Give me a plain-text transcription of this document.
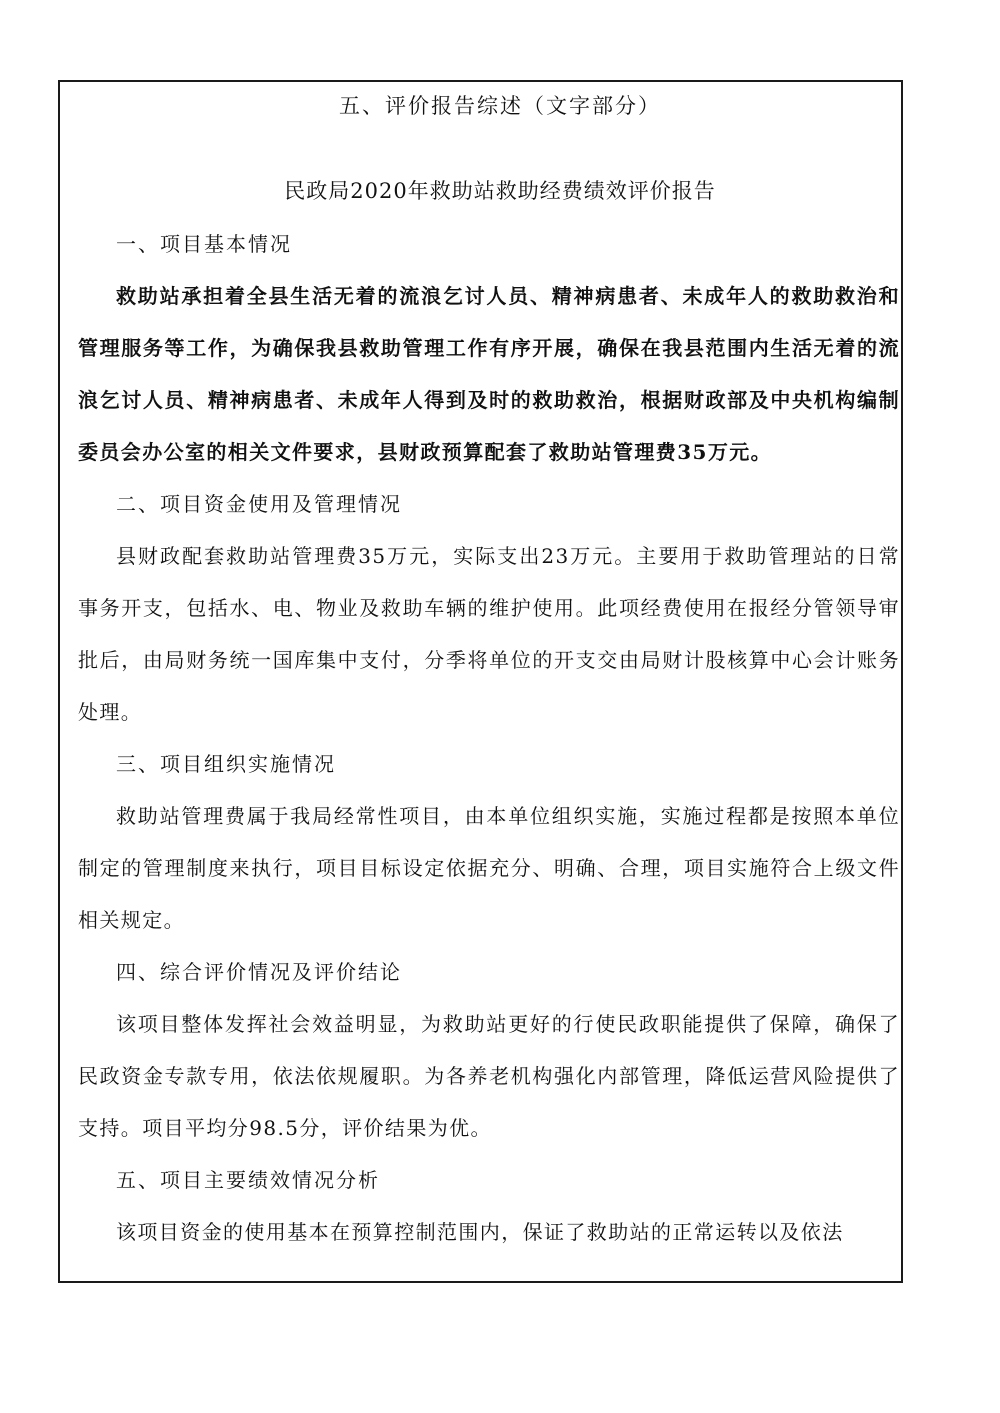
五、评价报告综述（文字部分）
民政局2020年救助站救助经费绩效评价报告
一、项目基本情况
救助站承担着全县生活无着的流浪乞讨人员、精神病患者、未成年人的救助救治和管理服务等工作，为确保我县救助管理工作有序开展，确保在我县范围内生活无着的流浪乞讨人员、精神病患者、未成年人得到及时的救助救治，根据财政部及中央机构编制委员会办公室的相关文件要求，县财政预算配套了救助站管理费35万元。
二、项目资金使用及管理情况
县财政配套救助站管理费35万元，实际支出23万元。主要用于救助管理站的日常事务开支，包括水、电、物业及救助车辆的维护使用。此项经费使用在报经分管领导审批后，由局财务统一国库集中支付，分季将单位的开支交由局财计股核算中心会计账务处理。
三、项目组织实施情况
救助站管理费属于我局经常性项目，由本单位组织实施，实施过程都是按照本单位制定的管理制度来执行，项目目标设定依据充分、明确、合理，项目实施符合上级文件相关规定。
四、综合评价情况及评价结论
该项目整体发挥社会效益明显，为救助站更好的行使民政职能提供了保障，确保了民政资金专款专用，依法依规履职。为各养老机构强化内部管理，降低运营风险提供了支持。项目平均分98.5分，评价结果为优。
五、项目主要绩效情况分析
该项目资金的使用基本在预算控制范围内，保证了救助站的正常运转以及依法
